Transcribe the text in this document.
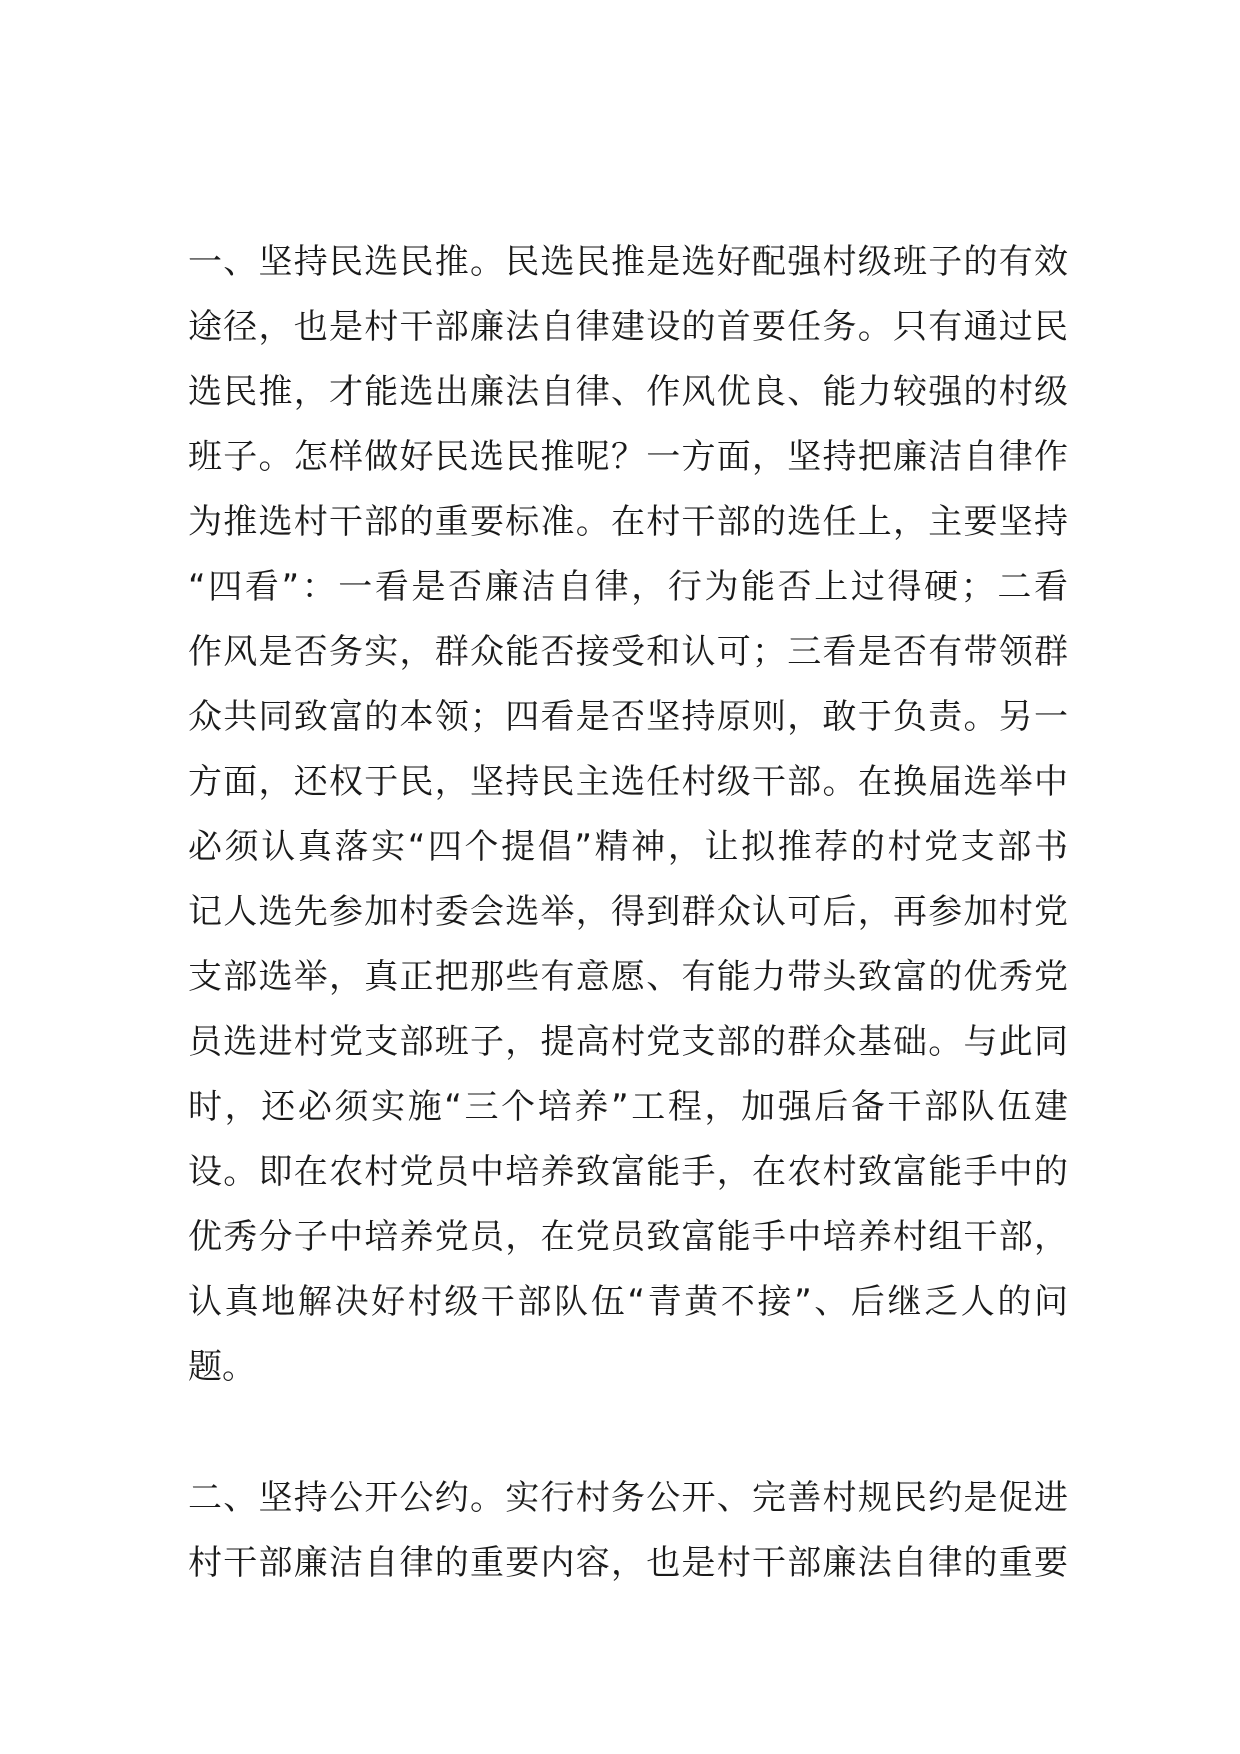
一、坚持民选民推。民选民推是选好配强村级班子的有效
途径，也是村干部廉法自律建设的首要任务。只有通过民
选民推，才能选出廉法自律、作风优良、能力较强的村级
班子。怎样做好民选民推呢？一方面，坚持把廉洁自律作
为推选村干部的重要标准。在村干部的选任上，主要坚持
“四看”：一看是否廉洁自律，行为能否上过得硬；二看
作风是否务实，群众能否接受和认可；三看是否有带领群
众共同致富的本领；四看是否坚持原则，敢于负责。另一
方面，还权于民，坚持民主选任村级干部。在换届选举中
必须认真落实“四个提倡”精神，让拟推荐的村党支部书
记人选先参加村委会选举，得到群众认可后，再参加村党
支部选举，真正把那些有意愿、有能力带头致富的优秀党
员选进村党支部班子，提高村党支部的群众基础。与此同
时，还必须实施“三个培养”工程，加强后备干部队伍建
设。即在农村党员中培养致富能手，在农村致富能手中的
优秀分子中培养党员，在党员致富能手中培养村组干部，
认真地解决好村级干部队伍“青黄不接”、后继乏人的问
题。
二、坚持公开公约。实行村务公开、完善村规民约是促进
村干部廉洁自律的重要内容，也是村干部廉法自律的重要
